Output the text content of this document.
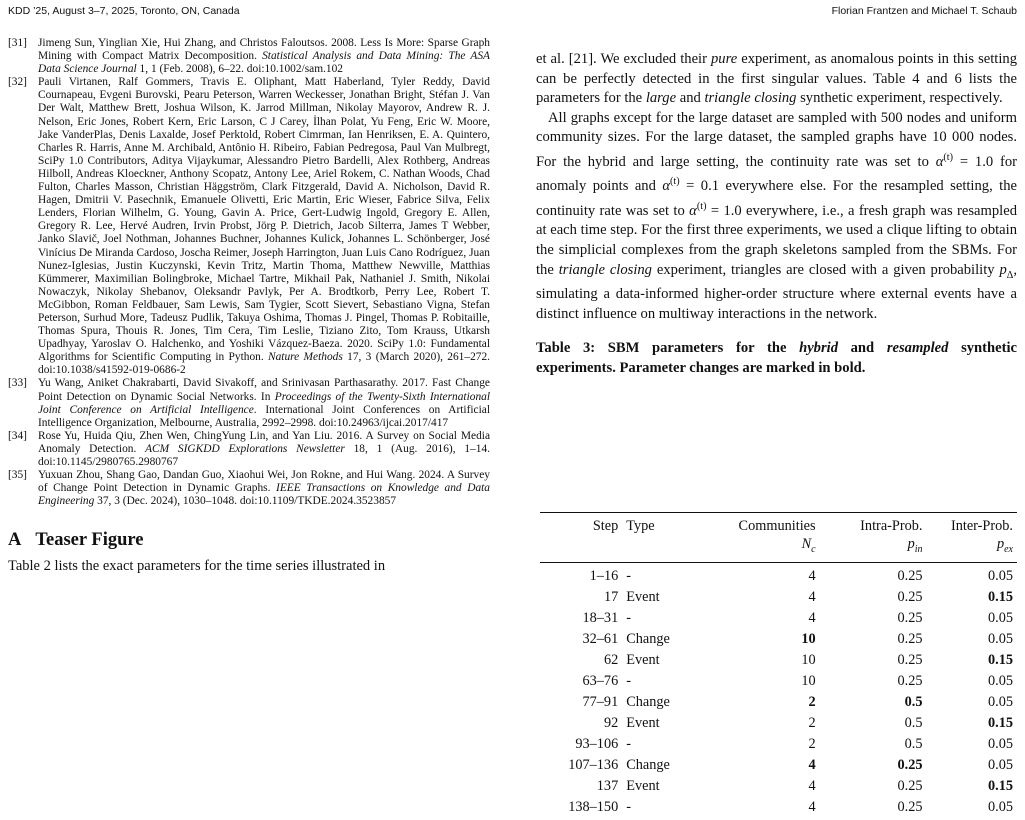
KDD ’25, August 3–7, 2025, Toronto, ON, Canada	Florian Frantzen and Michael T. Schaub
[31] Jimeng Sun, Yinglian Xie, Hui Zhang, and Christos Faloutsos. 2008. Less Is More: Sparse Graph Mining with Compact Matrix Decomposition. Statistical Analysis and Data Mining: The ASA Data Science Journal 1, 1 (Feb. 2008), 6–22. doi:10.1002/sam.102
[32] Pauli Virtanen, Ralf Gommers, Travis E. Oliphant, Matt Haberland, Tyler Reddy, David Cournapeau, Evgeni Burovski, Pearu Peterson, Warren Weckesser, Jonathan Bright, Stéfan J. Van Der Walt, Matthew Brett, Joshua Wilson, K. Jarrod Millman, Nikolay Mayorov, Andrew R. J. Nelson, Eric Jones, Robert Kern, Eric Larson, C J Carey, İlhan Polat, Yu Feng, Eric W. Moore, Jake VanderPlas, Denis Laxalde, Josef Perktold, Robert Cimrman, Ian Henriksen, E. A. Quintero, Charles R. Harris, Anne M. Archibald, Antônio H. Ribeiro, Fabian Pedregosa, Paul Van Mulbregt, SciPy 1.0 Contributors, Aditya Vijaykumar, Alessandro Pietro Bardelli, Alex Rothberg, Andreas Hilboll, Andreas Kloeckner, Anthony Scopatz, Antony Lee, Ariel Rokem, C. Nathan Woods, Chad Fulton, Charles Masson, Christian Häggström, Clark Fitzgerald, David A. Nicholson, David R. Hagen, Dmitrii V. Pasechnik, Emanuele Olivetti, Eric Martin, Eric Wieser, Fabrice Silva, Felix Lenders, Florian Wilhelm, G. Young, Gavin A. Price, Gert-Ludwig Ingold, Gregory E. Allen, Gregory R. Lee, Hervé Audren, Irvin Probst, Jörg P. Dietrich, Jacob Silterra, James T Webber, Janko Slavič, Joel Nothman, Johannes Buchner, Johannes Kulick, Johannes L. Schönberger, José Vinícius De Miranda Cardoso, Joscha Reimer, Joseph Harrington, Juan Luis Cano Rodríguez, Juan Nunez-Iglesias, Justin Kuczynski, Kevin Tritz, Martin Thoma, Matthew Newville, Matthias Kümmerer, Maximilian Bolingbroke, Michael Tartre, Mikhail Pak, Nathaniel J. Smith, Nikolai Nowaczyk, Nikolay Shebanov, Oleksandr Pavlyk, Per A. Brodtkorb, Perry Lee, Robert T. McGibbon, Roman Feldbauer, Sam Lewis, Sam Tygier, Scott Sievert, Sebastiano Vigna, Stefan Peterson, Surhud More, Tadeusz Pudlik, Takuya Oshima, Thomas J. Pingel, Thomas P. Robitaille, Thomas Spura, Thouis R. Jones, Tim Cera, Tim Leslie, Tiziano Zito, Tom Krauss, Utkarsh Upadhyay, Yaroslav O. Halchenko, and Yoshiki Vázquez-Baeza. 2020. SciPy 1.0: Fundamental Algorithms for Scientific Computing in Python. Nature Methods 17, 3 (March 2020), 261–272. doi:10.1038/s41592-019-0686-2
[33] Yu Wang, Aniket Chakrabarti, David Sivakoff, and Srinivasan Parthasarathy. 2017. Fast Change Point Detection on Dynamic Social Networks. In Proceedings of the Twenty-Sixth International Joint Conference on Artificial Intelligence. International Joint Conferences on Artificial Intelligence Organization, Melbourne, Australia, 2992–2998. doi:10.24963/ijcai.2017/417
[34] Rose Yu, Huida Qiu, Zhen Wen, ChingYung Lin, and Yan Liu. 2016. A Survey on Social Media Anomaly Detection. ACM SIGKDD Explorations Newsletter 18, 1 (Aug. 2016), 1–14. doi:10.1145/2980765.2980767
[35] Yuxuan Zhou, Shang Gao, Dandan Guo, Xiaohui Wei, Jon Rokne, and Hui Wang. 2024. A Survey of Change Point Detection in Dynamic Graphs. IEEE Transactions on Knowledge and Data Engineering 37, 3 (Dec. 2024), 1030–1048. doi:10.1109/TKDE.2024.3523857
A Teaser Figure
Table 2 lists the exact parameters for the time series illustrated in

et al. [21]. We excluded their pure experiment, as anomalous points in this setting can be perfectly detected in the first singular values. Table 4 and 6 lists the parameters for the large and triangle closing synthetic experiment, respectively.

All graphs except for the large dataset are sampled with 500 nodes and uniform community sizes. For the large dataset, the sampled graphs have 10 000 nodes. For the hybrid and large setting, the continuity rate was set to $\alpha^{(t)} = 1.0$ for anomaly points and $\alpha^{(t)} = 0.1$ everywhere else. For the resampled setting, the continuity rate was set to $\alpha^{(t)} = 1.0$ everywhere, i.e., a fresh graph was resampled at each time step. For the first three experiments, we used a clique lifting to obtain the simplicial complexes from the graph skeletons sampled from the SBMs. For the triangle closing experiment, triangles are closed with a given probability $p_\Delta$, simulating a data-informed higher-order structure where external events have a distinct influence on multiway interactions in the network.

Table 3: SBM parameters for the hybrid and resampled synthetic experiments. Parameter changes are marked in bold.
Step	Type	Communities	Intra-Prob.	Inter-Prob.
		$N_c$	$p_{in}$	$p_{ex}$
1–16	-	4	0.25	0.05
17	Event	4	0.25	0.15
18–31	-	4	0.25	0.05
32–61	Change	10	0.25	0.05
62	Event	10	0.25	0.15
63–76	-	10	0.25	0.05
77–91	Change	2	0.5	0.05
92	Event	2	0.5	0.15
93–106	-	2	0.5	0.05
107–136	Change	4	0.25	0.05
137	Event	4	0.25	0.15
138–150	-	4	0.25	0.05
